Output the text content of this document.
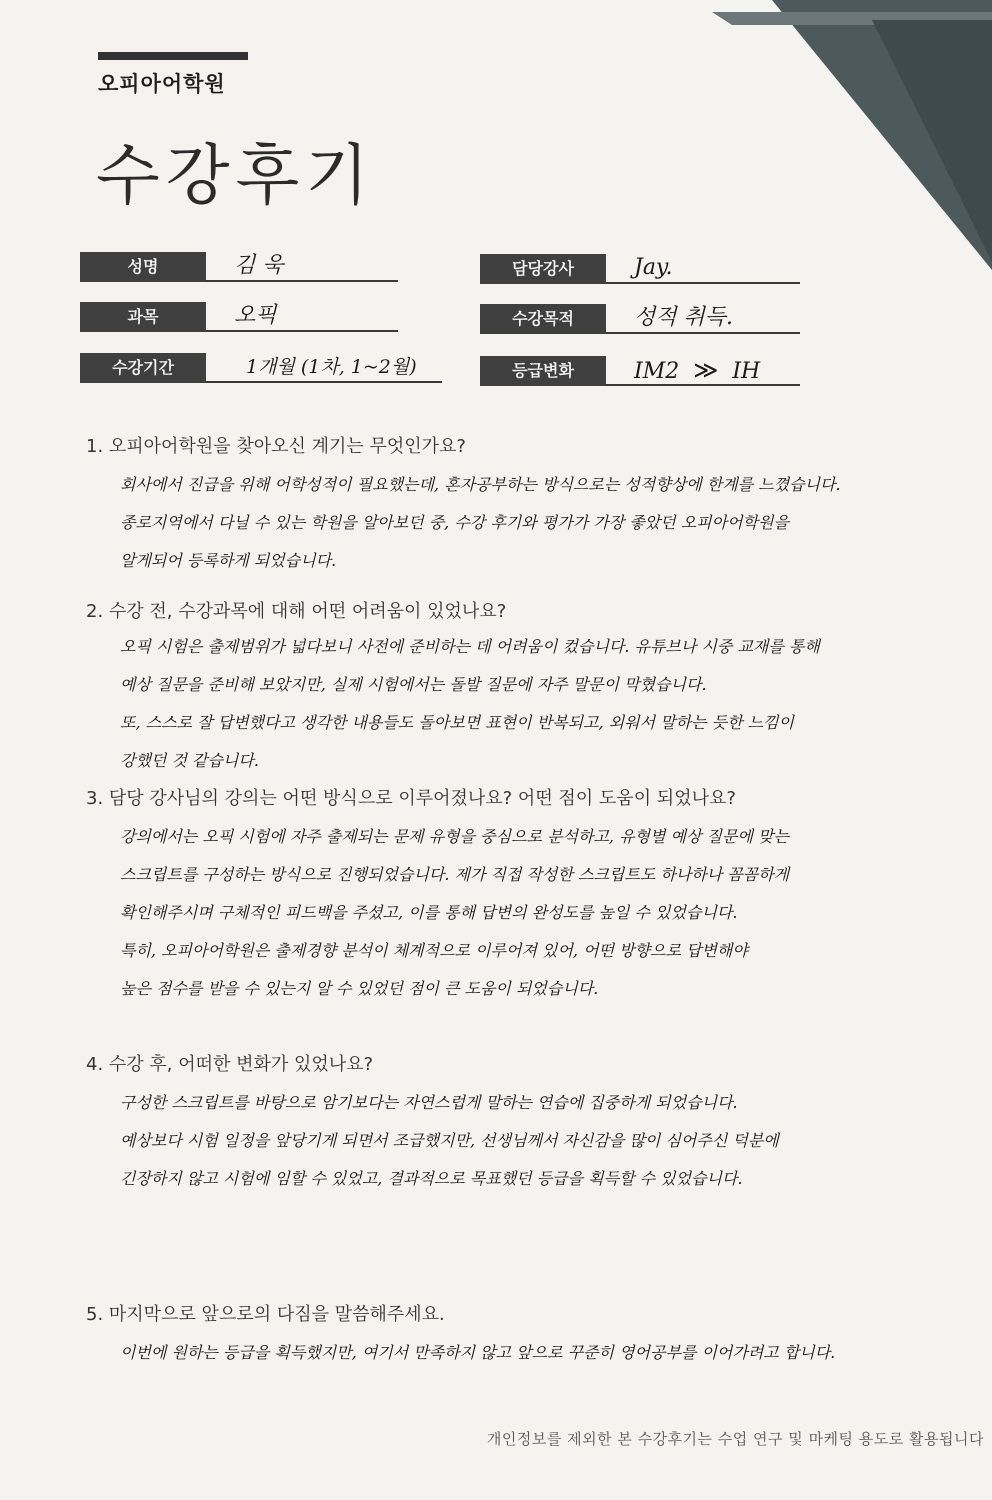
오피아어학원
수강후기
성명	김 욱	담당강사	Jay.
과목	오픽	수강목적	성적 취득.
수강기간	1개월 (1차, 1~2월)	등급변화	IM2 ≫ IH
1. 오피아어학원을 찾아오신 계기는 무엇인가요?

회사에서 진급을 위해 어학성적이 필요했는데, 혼자공부하는 방식으로는 성적향상에 한계를 느꼈습니다.

종로지역에서 다닐 수 있는 학원을 알아보던 중, 수강 후기와 평가가 가장 좋았던 오피아어학원을

알게되어 등록하게 되었습니다.

2. 수강 전, 수강과목에 대해 어떤 어려움이 있었나요?

오픽 시험은 출제범위가 넓다보니 사전에 준비하는 데 어려움이 컸습니다. 유튜브나 시중 교재를 통해

예상 질문을 준비해 보았지만, 실제 시험에서는 돌발 질문에 자주 말문이 막혔습니다.

또, 스스로 잘 답변했다고 생각한 내용들도 돌아보면 표현이 반복되고, 외워서 말하는 듯한 느낌이

강했던 것 같습니다.

3. 담당 강사님의 강의는 어떤 방식으로 이루어졌나요? 어떤 점이 도움이 되었나요?

강의에서는 오픽 시험에 자주 출제되는 문제 유형을 중심으로 분석하고, 유형별 예상 질문에 맞는

스크립트를 구성하는 방식으로 진행되었습니다. 제가 직접 작성한 스크립트도 하나하나 꼼꼼하게

확인해주시며 구체적인 피드백을 주셨고, 이를 통해 답변의 완성도를 높일 수 있었습니다.

특히, 오피아어학원은 출제경향 분석이 체계적으로 이루어져 있어, 어떤 방향으로 답변해야

높은 점수를 받을 수 있는지 알 수 있었던 점이 큰 도움이 되었습니다.

4. 수강 후, 어떠한 변화가 있었나요?

구성한 스크립트를 바탕으로 암기보다는 자연스럽게 말하는 연습에 집중하게 되었습니다.

예상보다 시험 일정을 앞당기게 되면서 조급했지만, 선생님께서 자신감을 많이 심어주신 덕분에

긴장하지 않고 시험에 임할 수 있었고, 결과적으로 목표했던 등급을 획득할 수 있었습니다.

5. 마지막으로 앞으로의 다짐을 말씀해주세요.

이번에 원하는 등급을 획득했지만, 여기서 만족하지 않고 앞으로 꾸준히 영어공부를 이어가려고 합니다.

개인정보를 제외한 본 수강후기는 수업 연구 및 마케팅 용도로 활용됩니다
